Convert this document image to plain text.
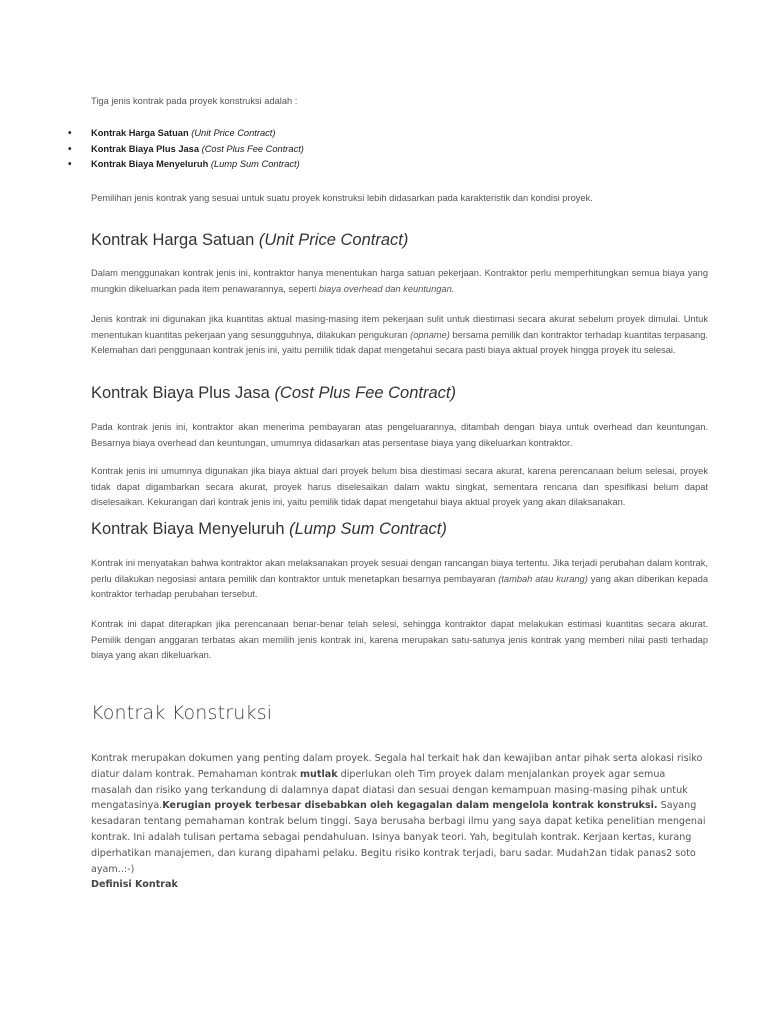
Tiga jenis kontrak pada proyek konstruksi adalah :
• Kontrak Harga Satuan (Unit Price Contract)
• Kontrak Biaya Plus Jasa (Cost Plus Fee Contract)
• Kontrak Biaya Menyeluruh (Lump Sum Contract)

Pemilihan jenis kontrak yang sesuai untuk suatu proyek konstruksi lebih didasarkan pada karakteristik dan kondisi proyek.

Kontrak Harga Satuan (Unit Price Contract)

Dalam menggunakan kontrak jenis ini, kontraktor hanya menentukan harga satuan pekerjaan. Kontraktor perlu memperhitungkan semua biaya yang mungkin dikeluarkan pada item penawarannya, seperti biaya overhead dan keuntungan.

Jenis kontrak ini digunakan jika kuantitas aktual masing-masing item pekerjaan sulit untuk diestimasi secara akurat sebelum proyek dimulai. Untuk menentukan kuantitas pekerjaan yang sesungguhnya, dilakukan pengukuran (opname) bersama pemilik dan kontraktor terhadap kuantitas terpasang. Kelemahan dari penggunaan kontrak jenis ini, yaitu pemilik tidak dapat mengetahui secara pasti biaya aktual proyek hingga proyek itu selesai.

Kontrak Biaya Plus Jasa (Cost Plus Fee Contract)

Pada kontrak jenis ini, kontraktor akan menerima pembayaran atas pengeluarannya, ditambah dengan biaya untuk overhead dan keuntungan. Besarnya biaya overhead dan keuntungan, umumnya didasarkan atas persentase biaya yang dikeluarkan kontraktor.

Kontrak jenis ini umumnya digunakan jika biaya aktual dari proyek belum bisa diestimasi secara akurat, karena perencanaan belum selesai, proyek tidak dapat digambarkan secara akurat, proyek harus diselesaikan dalam waktu singkat, sementara rencana dan spesifikasi belum dapat diselesaikan. Kekurangan dari kontrak jenis ini, yaitu pemilik tidak dapat mengetahui biaya aktual proyek yang akan dilaksanakan.

Kontrak Biaya Menyeluruh (Lump Sum Contract)

Kontrak ini menyatakan bahwa kontraktor akan melaksanakan proyek sesuai dengan rancangan biaya tertentu. Jika terjadi perubahan dalam kontrak, perlu dilakukan negosiasi antara pemilik dan kontraktor untuk menetapkan besarnya pembayaran (tambah atau kurang) yang akan diberikan kepada kontraktor terhadap perubahan tersebut.

Kontrak ini dapat diterapkan jika perencanaan benar-benar telah selesi, sehingga kontraktor dapat melakukan estimasi kuantitas secara akurat. Pemilik dengan anggaran terbatas akan memilih jenis kontrak ini, karena merupakan satu-satunya jenis kontrak yang memberi nilai pasti terhadap biaya yang akan dikeluarkan.

Kontrak Konstruksi
Kontrak merupakan dokumen yang penting dalam proyek. Segala hal terkait hak dan kewajiban antar pihak serta alokasi risiko diatur dalam kontrak. Pemahaman kontrak mutlak diperlukan oleh Tim proyek dalam menjalankan proyek agar semua masalah dan risiko yang terkandung di dalamnya dapat diatasi dan sesuai dengan kemampuan masing-masing pihak untuk mengatasinya.Kerugian proyek terbesar disebabkan oleh kegagalan dalam mengelola kontrak konstruksi. Sayang kesadaran tentang pemahaman kontrak belum tinggi. Saya berusaha berbagi ilmu yang saya dapat ketika penelitian mengenai kontrak. Ini adalah tulisan pertama sebagai pendahuluan. Isinya banyak teori. Yah, begitulah kontrak. Kerjaan kertas, kurang diperhatikan manajemen, dan kurang dipahami pelaku. Begitu risiko kontrak terjadi, baru sadar. Mudah2an tidak panas2 soto ayam..:-)
Definisi Kontrak
